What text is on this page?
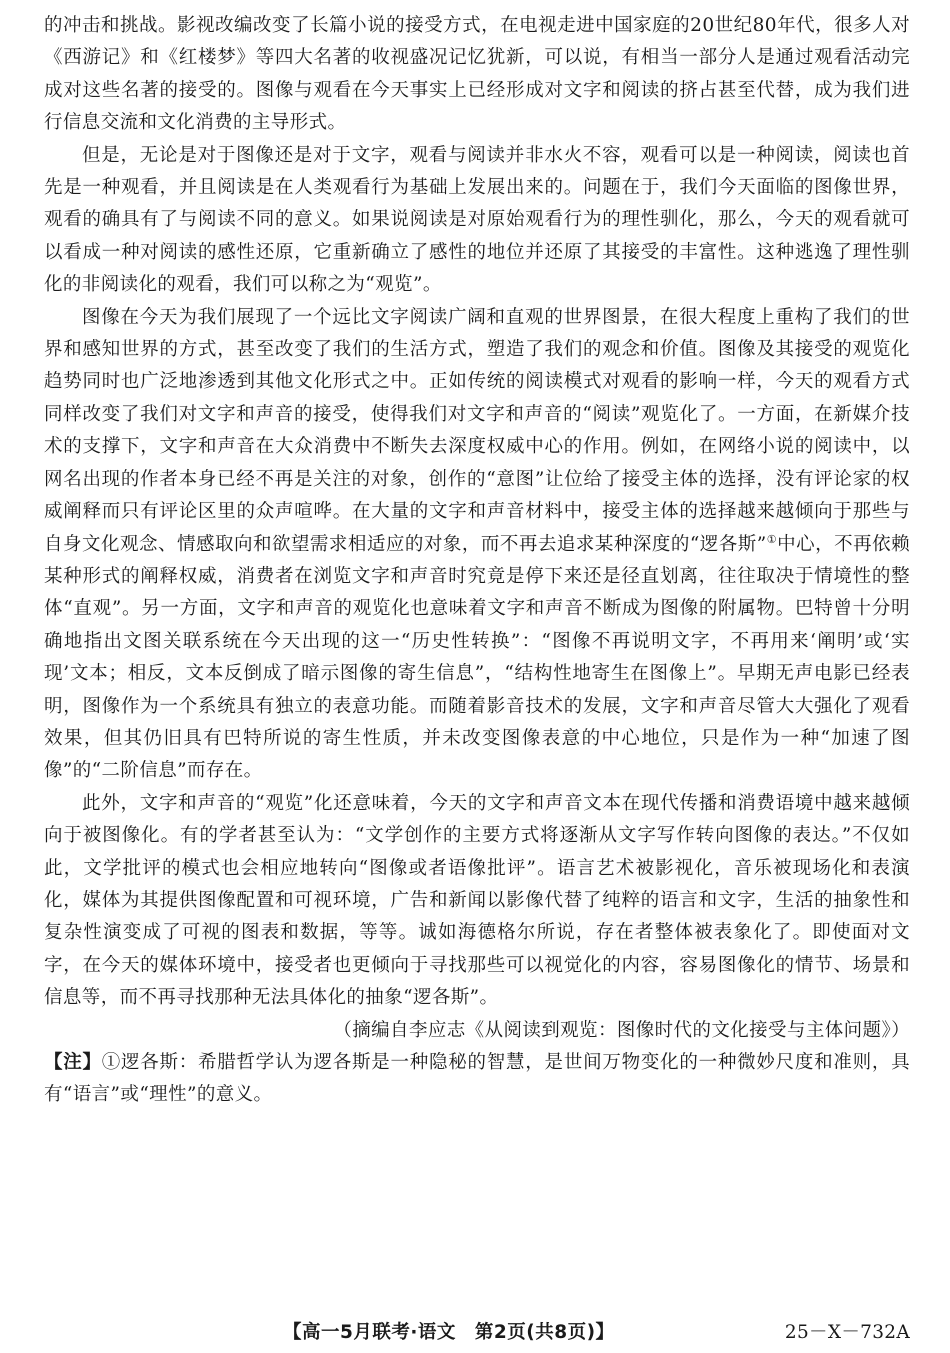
的冲击和挑战。影视改编改变了长篇小说的接受方式，在电视走进中国家庭的20世纪80年代，很多人对《西游记》和《红楼梦》等四大名著的收视盛况记忆犹新，可以说，有相当一部分人是通过观看活动完成对这些名著的接受的。图像与观看在今天事实上已经形成对文字和阅读的挤占甚至代替，成为我们进行信息交流和文化消费的主导形式。

但是，无论是对于图像还是对于文字，观看与阅读并非水火不容，观看可以是一种阅读，阅读也首先是一种观看，并且阅读是在人类观看行为基础上发展出来的。问题在于，我们今天面临的图像世界，观看的确具有了与阅读不同的意义。如果说阅读是对原始观看行为的理性驯化，那么，今天的观看就可以看成一种对阅读的感性还原，它重新确立了感性的地位并还原了其接受的丰富性。这种逃逸了理性驯化的非阅读化的观看，我们可以称之为“观览”。

图像在今天为我们展现了一个远比文字阅读广阔和直观的世界图景，在很大程度上重构了我们的世界和感知世界的方式，甚至改变了我们的生活方式，塑造了我们的观念和价值。图像及其接受的观览化趋势同时也广泛地渗透到其他文化形式之中。正如传统的阅读模式对观看的影响一样，今天的观看方式同样改变了我们对文字和声音的接受，使得我们对文字和声音的“阅读”观览化了。一方面，在新媒介技术的支撑下，文字和声音在大众消费中不断失去深度权威中心的作用。例如，在网络小说的阅读中，以网名出现的作者本身已经不再是关注的对象，创作的“意图”让位给了接受主体的选择，没有评论家的权威阐释而只有评论区里的众声喧哗。在大量的文字和声音材料中，接受主体的选择越来越倾向于那些与自身文化观念、情感取向和欲望需求相适应的对象，而不再去追求某种深度的“逻各斯”①中心，不再依赖某种形式的阐释权威，消费者在浏览文字和声音时究竟是停下来还是径直划离，往往取决于情境性的整体“直观”。另一方面，文字和声音的观览化也意味着文字和声音不断成为图像的附属物。巴特曾十分明确地指出文图关联系统在今天出现的这一“历史性转换”：“图像不再说明文字，不再用来‘阐明’或‘实现’文本；相反，文本反倒成了暗示图像的寄生信息”，“结构性地寄生在图像上”。早期无声电影已经表明，图像作为一个系统具有独立的表意功能。而随着影音技术的发展，文字和声音尽管大大强化了观看效果，但其仍旧具有巴特所说的寄生性质，并未改变图像表意的中心地位，只是作为一种“加速了图像”的“二阶信息”而存在。

此外，文字和声音的“观览”化还意味着，今天的文字和声音文本在现代传播和消费语境中越来越倾向于被图像化。有的学者甚至认为：“文学创作的主要方式将逐渐从文字写作转向图像的表达。”不仅如此，文学批评的模式也会相应地转向“图像或者语像批评”。语言艺术被影视化，音乐被现场化和表演化，媒体为其提供图像配置和可视环境，广告和新闻以影像代替了纯粹的语言和文字，生活的抽象性和复杂性演变成了可视的图表和数据，等等。诚如海德格尔所说，存在者整体被表象化了。即使面对文字，在今天的媒体环境中，接受者也更倾向于寻找那些可以视觉化的内容，容易图像化的情节、场景和信息等，而不再寻找那种无法具体化的抽象“逻各斯”。

（摘编自李应志《从阅读到观览：图像时代的文化接受与主体问题》）

【注】①逻各斯：希腊哲学认为逻各斯是一种隐秘的智慧，是世间万物变化的一种微妙尺度和准则，具有“语言”或“理性”的意义。

【高一5月联考·语文　第2页(共8页)】	25－X－732A
